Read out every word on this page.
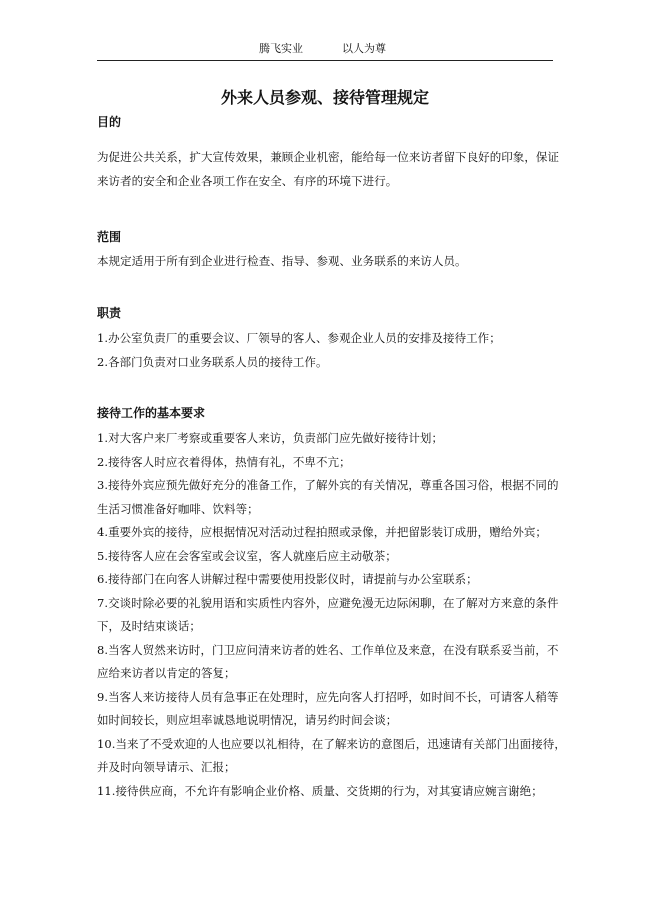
腾飞实业	以人为尊
外来人员参观、接待管理规定
目的
为促进公共关系，扩大宣传效果，兼顾企业机密，能给每一位来访者留下良好的印象，保证
来访者的安全和企业各项工作在安全、有序的环境下进行。
范围
本规定适用于所有到企业进行检查、指导、参观、业务联系的来访人员。
职责
1.办公室负责厂的重要会议、厂领导的客人、参观企业人员的安排及接待工作；
2.各部门负责对口业务联系人员的接待工作。
接待工作的基本要求
1.对大客户来厂考察或重要客人来访，负责部门应先做好接待计划；
2.接待客人时应衣着得体，热情有礼，不卑不亢；
3.接待外宾应预先做好充分的准备工作，了解外宾的有关情况，尊重各国习俗，根据不同的
生活习惯准备好咖啡、饮料等；
4.重要外宾的接待，应根据情况对活动过程拍照或录像，并把留影装订成册，赠给外宾；
5.接待客人应在会客室或会议室，客人就座后应主动敬茶；
6.接待部门在向客人讲解过程中需要使用投影仪时，请提前与办公室联系；
7.交谈时除必要的礼貌用语和实质性内容外，应避免漫无边际闲聊，在了解对方来意的条件
下，及时结束谈话；
8.当客人贸然来访时，门卫应问清来访者的姓名、工作单位及来意，在没有联系妥当前，不
应给来访者以肯定的答复；
9.当客人来访接待人员有急事正在处理时，应先向客人打招呼，如时间不长，可请客人稍等
如时间较长，则应坦率诚恳地说明情况，请另约时间会谈；
10.当来了不受欢迎的人也应要以礼相待，在了解来访的意图后，迅速请有关部门出面接待，
并及时向领导请示、汇报；
11.接待供应商，不允许有影响企业价格、质量、交货期的行为，对其宴请应婉言谢绝；
